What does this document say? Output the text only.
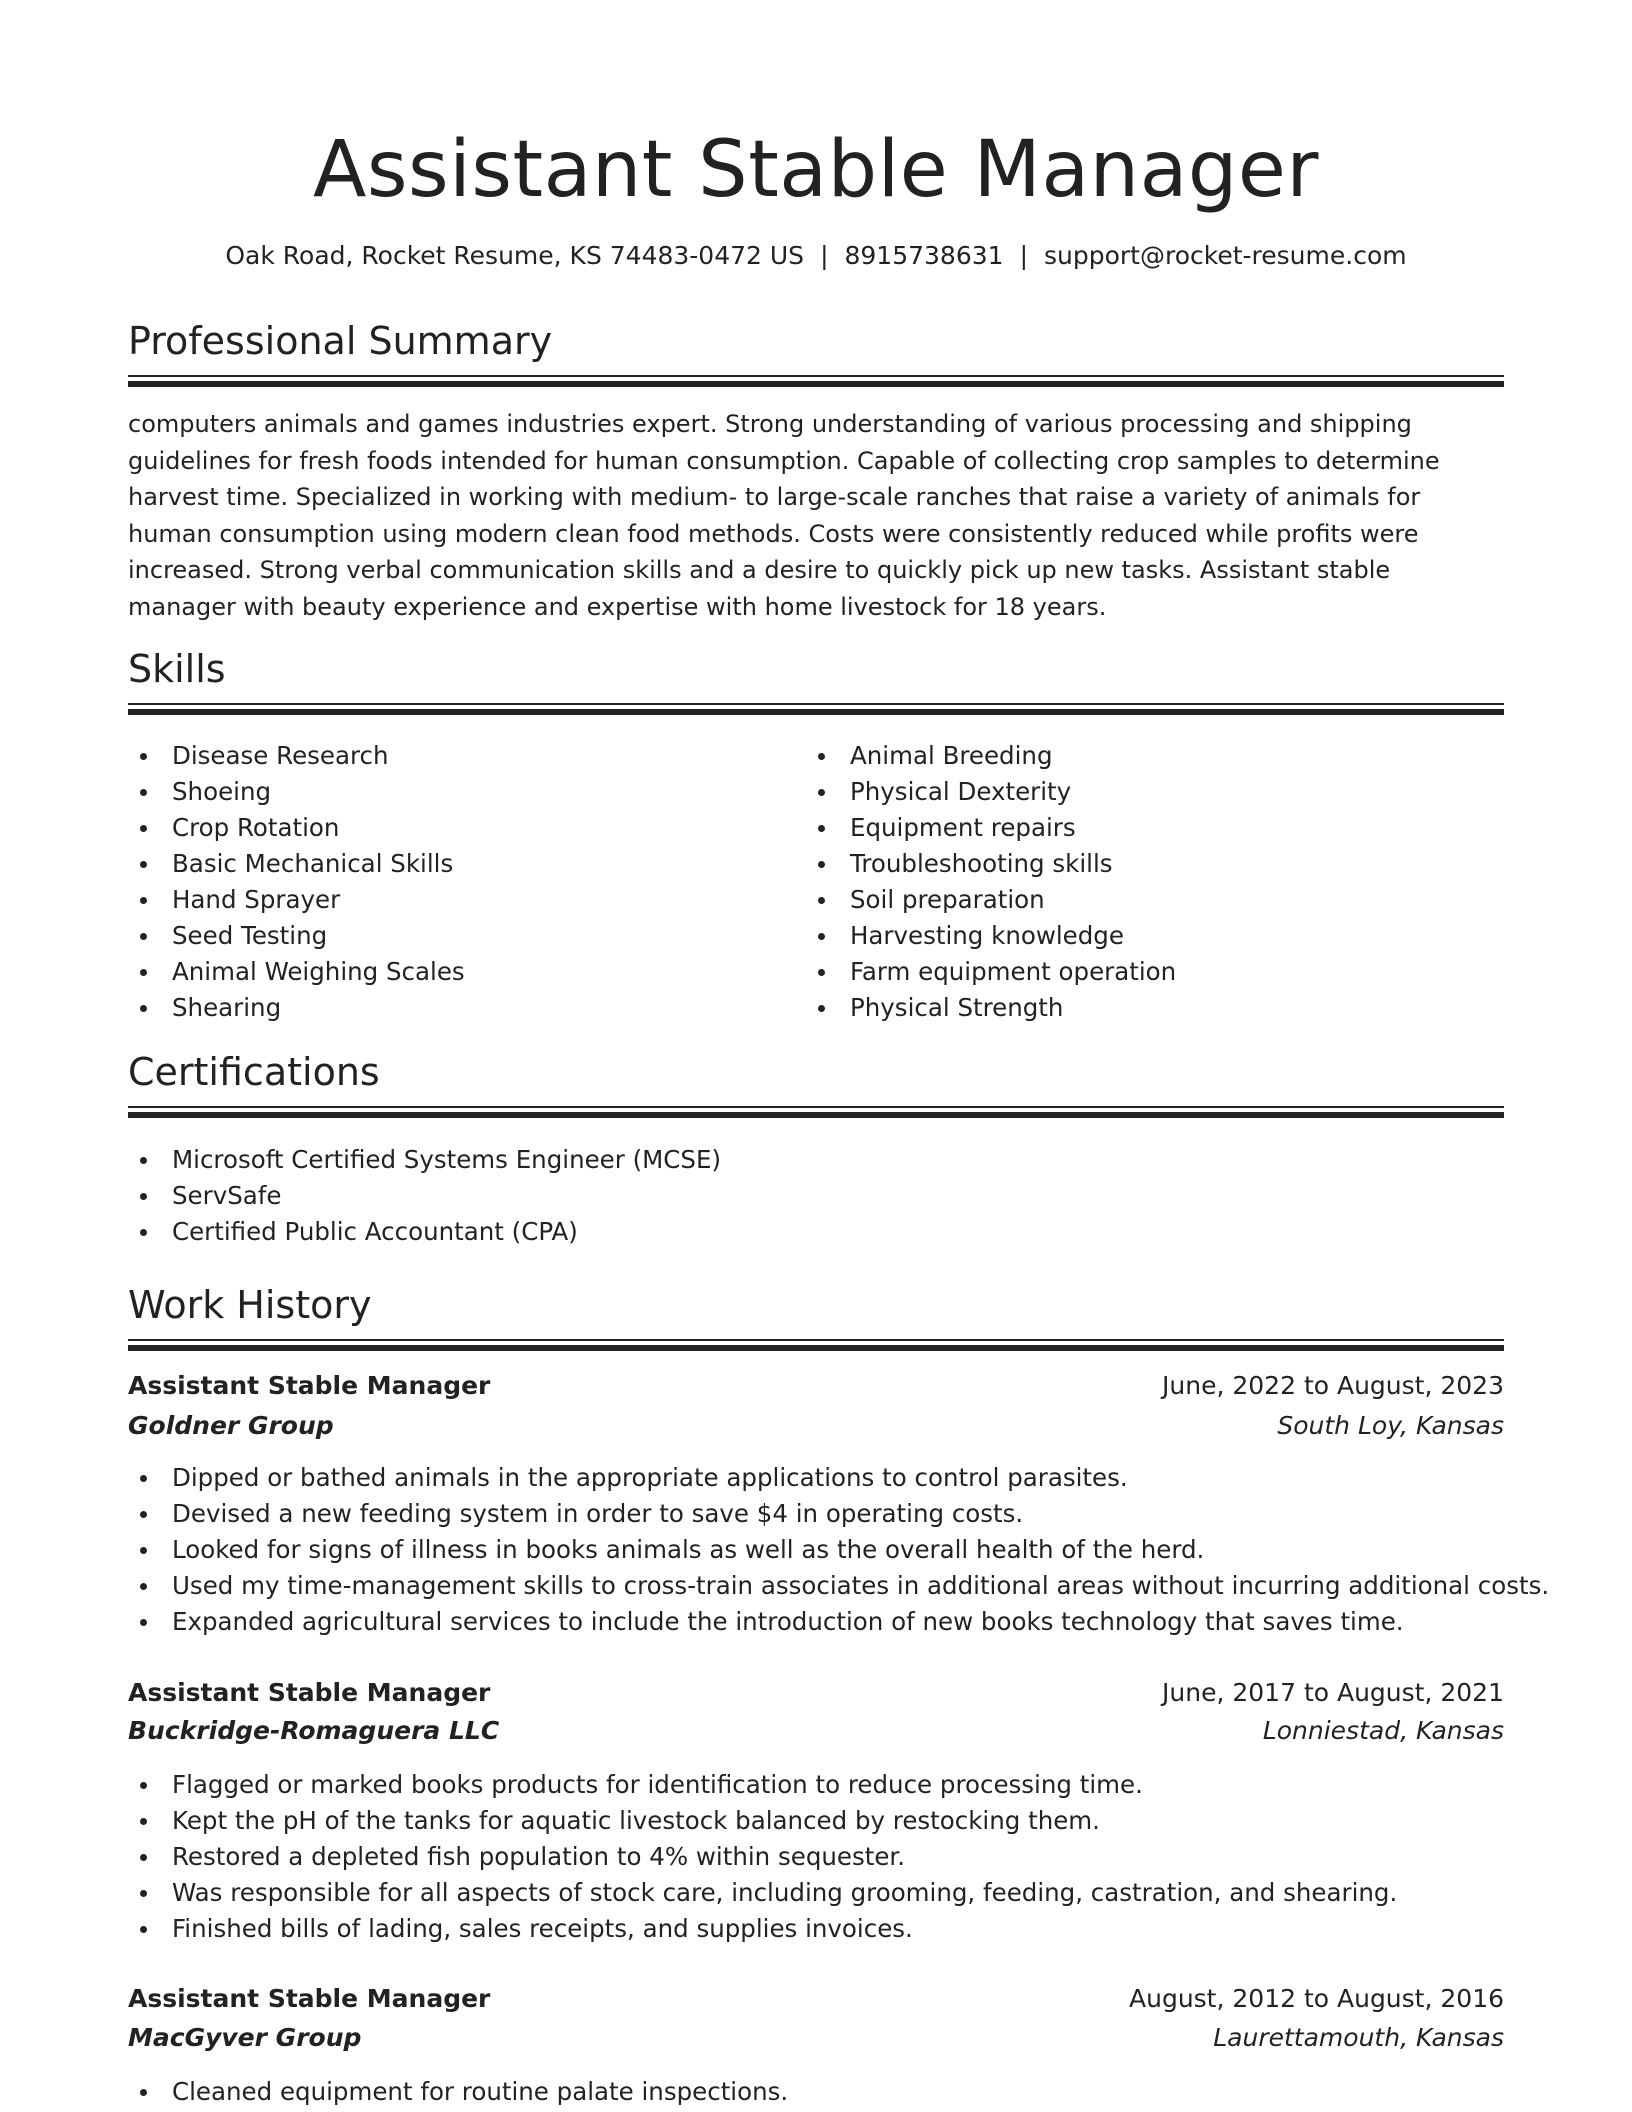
Assistant Stable Manager
Oak Road, Rocket Resume, KS 74483-0472 US | 8915738631 | support@rocket-resume.com
Professional Summary

computers animals and games industries expert. Strong understanding of various processing and shipping guidelines for fresh foods intended for human consumption. Capable of collecting crop samples to determine harvest time. Specialized in working with medium- to large-scale ranches that raise a variety of animals for human consumption using modern clean food methods. Costs were consistently reduced while profits were increased. Strong verbal communication skills and a desire to quickly pick up new tasks. Assistant stable manager with beauty experience and expertise with home livestock for 18 years.

Skills
Disease Research
Shoeing
Crop Rotation
Basic Mechanical Skills
Hand Sprayer
Seed Testing
Animal Weighing Scales
Shearing
Animal Breeding
Physical Dexterity
Equipment repairs
Troubleshooting skills
Soil preparation
Harvesting knowledge
Farm equipment operation
Physical Strength
Certifications
Microsoft Certified Systems Engineer (MCSE)
ServSafe
Certified Public Accountant (CPA)
Work History
Assistant Stable Manager	June, 2022 to August, 2023
Goldner Group	South Loy, Kansas
Dipped or bathed animals in the appropriate applications to control parasites.
Devised a new feeding system in order to save $4 in operating costs.
Looked for signs of illness in books animals as well as the overall health of the herd.
Used my time-management skills to cross-train associates in additional areas without incurring additional costs.
Expanded agricultural services to include the introduction of new books technology that saves time.
Assistant Stable Manager	June, 2017 to August, 2021
Buckridge-Romaguera LLC	Lonniestad, Kansas
Flagged or marked books products for identification to reduce processing time.
Kept the pH of the tanks for aquatic livestock balanced by restocking them.
Restored a depleted fish population to 4% within sequester.
Was responsible for all aspects of stock care, including grooming, feeding, castration, and shearing.
Finished bills of lading, sales receipts, and supplies invoices.
Assistant Stable Manager	August, 2012 to August, 2016
MacGyver Group	Laurettamouth, Kansas
Cleaned equipment for routine palate inspections.
